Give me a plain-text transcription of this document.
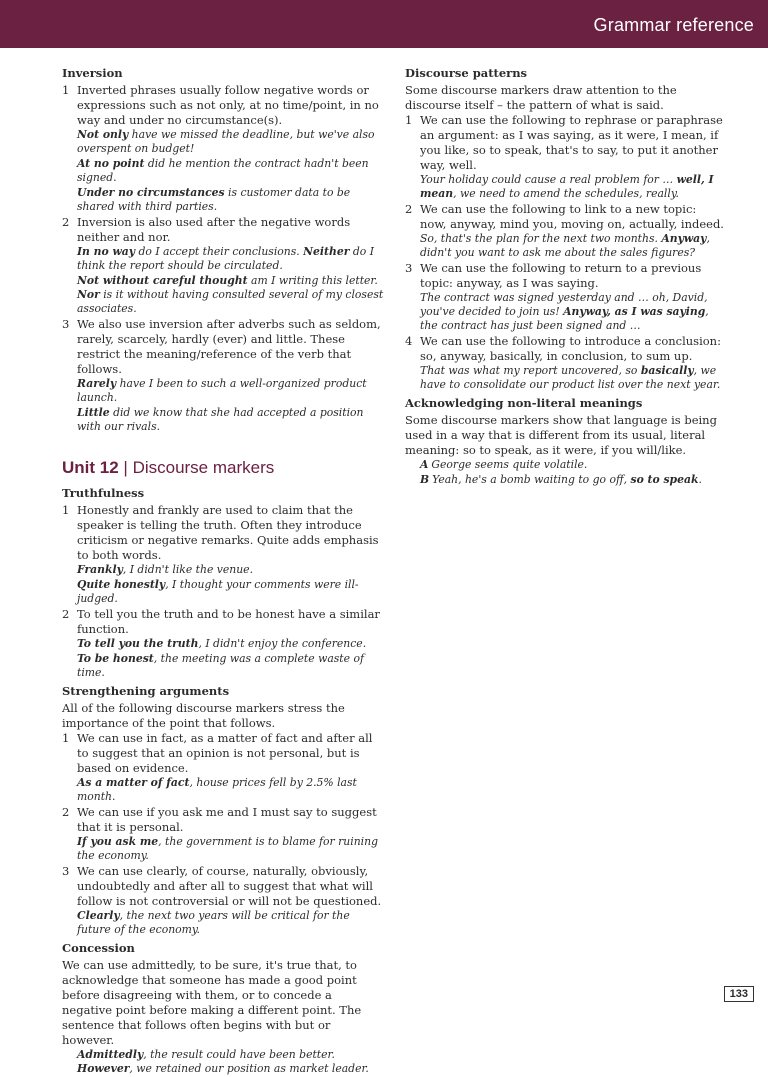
Grammar reference
Inversion

1 Inverted phrases usually follow negative words or expressions such as not only, at no time/point, in no way and under no circumstance(s).

Not only have we missed the deadline, but we've also overspent on budget!

At no point did he mention the contract hadn't been signed.

Under no circumstances is customer data to be shared with third parties.

2 Inversion is also used after the negative words neither and nor.

In no way do I accept their conclusions. Neither do I think the report should be circulated.

Not without careful thought am I writing this letter. Nor is it without having consulted several of my closest associates.

3 We also use inversion after adverbs such as seldom, rarely, scarcely, hardly (ever) and little. These restrict the meaning/reference of the verb that follows.

Rarely have I been to such a well-organized product launch.

Little did we know that she had accepted a position with our rivals.

Unit 12 | Discourse markers
Truthfulness

1 Honestly and frankly are used to claim that the speaker is telling the truth. Often they introduce criticism or negative remarks. Quite adds emphasis to both words.

Frankly, I didn't like the venue.

Quite honestly, I thought your comments were ill-judged.

2 To tell you the truth and to be honest have a similar function.

To tell you the truth, I didn't enjoy the conference.

To be honest, the meeting was a complete waste of time.

Strengthening arguments

All of the following discourse markers stress the importance of the point that follows.

1 We can use in fact, as a matter of fact and after all to suggest that an opinion is not personal, but is based on evidence.

As a matter of fact, house prices fell by 2.5% last month.

2 We can use if you ask me and I must say to suggest that it is personal.

If you ask me, the government is to blame for ruining the economy.

3 We can use clearly, of course, naturally, obviously, undoubtedly and after all to suggest that what will follow is not controversial or will not be questioned.

Clearly, the next two years will be critical for the future of the economy.

Concession

We can use admittedly, to be sure, it's true that, to acknowledge that someone has made a good point before disagreeing with them, or to concede a negative point before making a different point. The sentence that follows often begins with but or however.

Admittedly, the result could have been better. However, we retained our position as market leader.

Discourse patterns

Some discourse markers draw attention to the discourse itself – the pattern of what is said.

1 We can use the following to rephrase or paraphrase an argument: as I was saying, as it were, I mean, if you like, so to speak, that's to say, to put it another way, well.

Your holiday could cause a real problem for … well, I mean, we need to amend the schedules, really.

2 We can use the following to link to a new topic: now, anyway, mind you, moving on, actually, indeed.

So, that's the plan for the next two months. Anyway, didn't you want to ask me about the sales figures?

3 We can use the following to return to a previous topic: anyway, as I was saying.

The contract was signed yesterday and … oh, David, you've decided to join us! Anyway, as I was saying, the contract has just been signed and …

4 We can use the following to introduce a conclusion: so, anyway, basically, in conclusion, to sum up.

That was what my report uncovered, so basically, we have to consolidate our product list over the next year.

Acknowledging non-literal meanings

Some discourse markers show that language is being used in a way that is different from its usual, literal meaning: so to speak, as it were, if you will/like.

A George seems quite volatile.

B Yeah, he's a bomb waiting to go off, so to speak.

133
